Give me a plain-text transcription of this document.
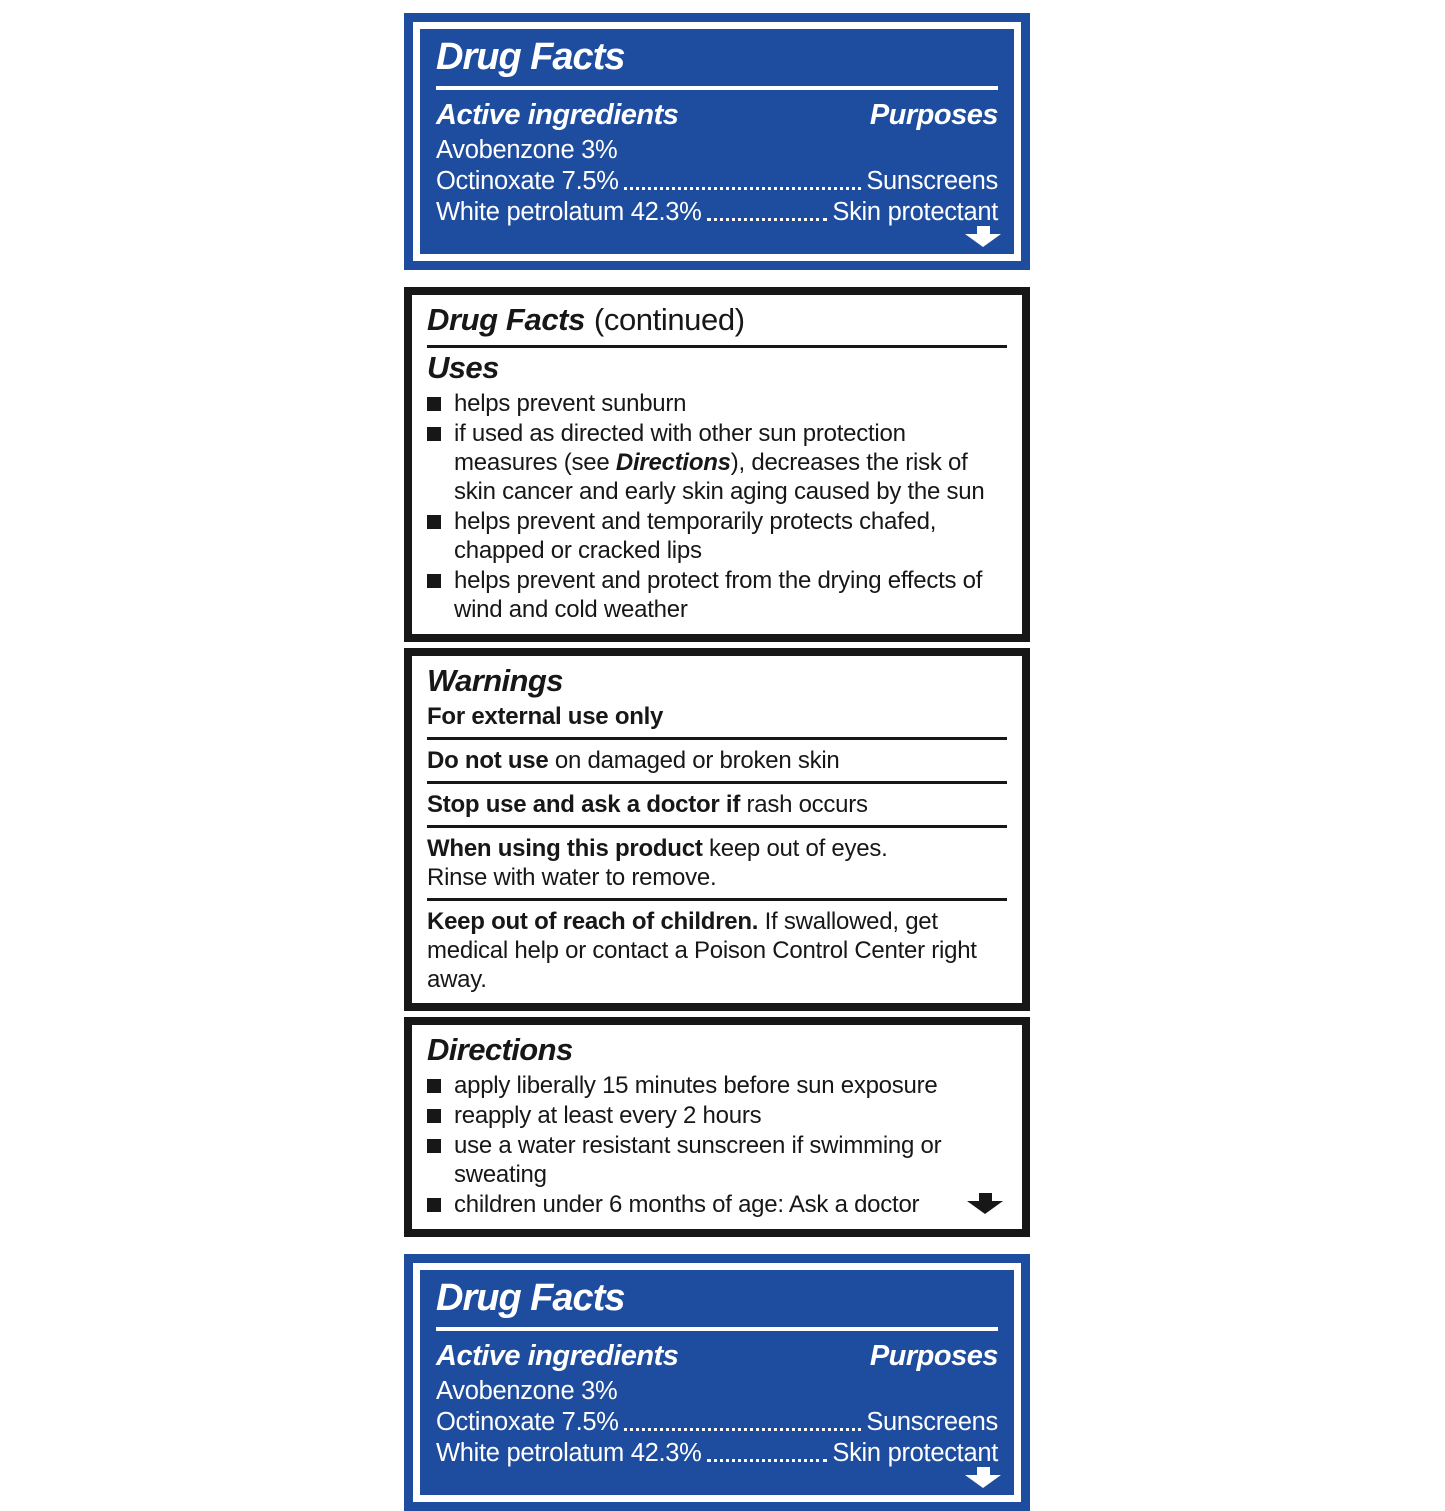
Drug Facts
Active ingredients	Purposes
Avobenzone 3%
Octinoxate 7.5%	Sunscreens
White petrolatum 42.3%	Skin protectant
Drug Facts (continued)
Uses
helps prevent sunburn
if used as directed with other sun protection measures (see Directions), decreases the risk of skin cancer and early skin aging caused by the sun
helps prevent and temporarily protects chafed, chapped or cracked lips
helps prevent and protect from the drying effects of wind and cold weather
Warnings
For external use only
Do not use on damaged or broken skin
Stop use and ask a doctor if rash occurs
When using this product keep out of eyes.
Rinse with water to remove.
Keep out of reach of children. If swallowed, get medical help or contact a Poison Control Center right away.
Directions
apply liberally 15 minutes before sun exposure
reapply at least every 2 hours
use a water resistant sunscreen if swimming or sweating
children under 6 months of age: Ask a doctor
Drug Facts
Active ingredients	Purposes
Avobenzone 3%
Octinoxate 7.5%	Sunscreens
White petrolatum 42.3%	Skin protectant
